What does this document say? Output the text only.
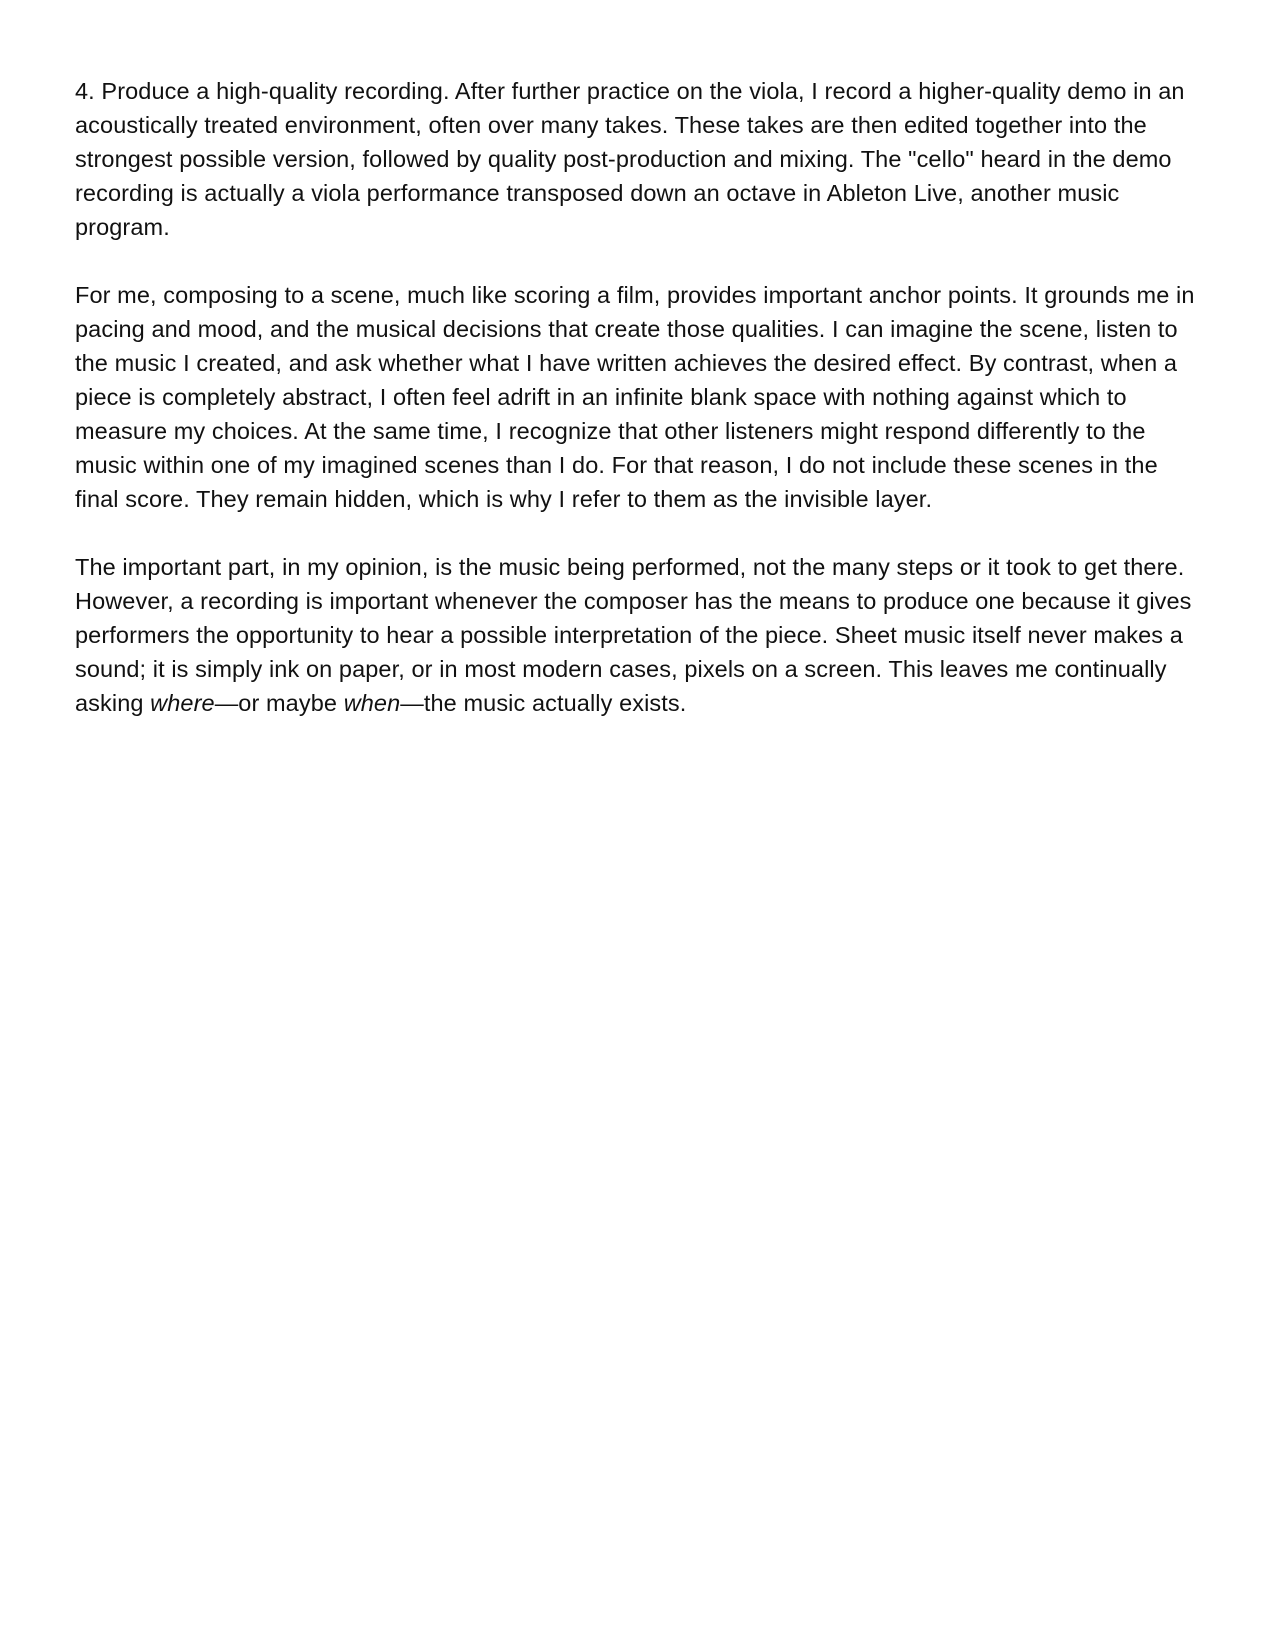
4. Produce a high-quality recording. After further practice on the viola, I record a higher-quality demo in an acoustically treated environment, often over many takes. These takes are then edited together into the strongest possible version, followed by quality post-production and mixing. The "cello" heard in the demo recording is actually a viola performance transposed down an octave in Ableton Live, another music program.

For me, composing to a scene, much like scoring a film, provides important anchor points. It grounds me in pacing and mood, and the musical decisions that create those qualities. I can imagine the scene, listen to the music I created, and ask whether what I have written achieves the desired effect. By contrast, when a piece is completely abstract, I often feel adrift in an infinite blank space with nothing against which to measure my choices. At the same time, I recognize that other listeners might respond differently to the music within one of my imagined scenes than I do. For that reason, I do not include these scenes in the final score. They remain hidden, which is why I refer to them as the invisible layer.

The important part, in my opinion, is the music being performed, not the many steps or it took to get there. However, a recording is important whenever the composer has the means to produce one because it gives performers the opportunity to hear a possible interpretation of the piece. Sheet music itself never makes a sound; it is simply ink on paper, or in most modern cases, pixels on a screen. This leaves me continually asking where—or maybe when—the music actually exists.
